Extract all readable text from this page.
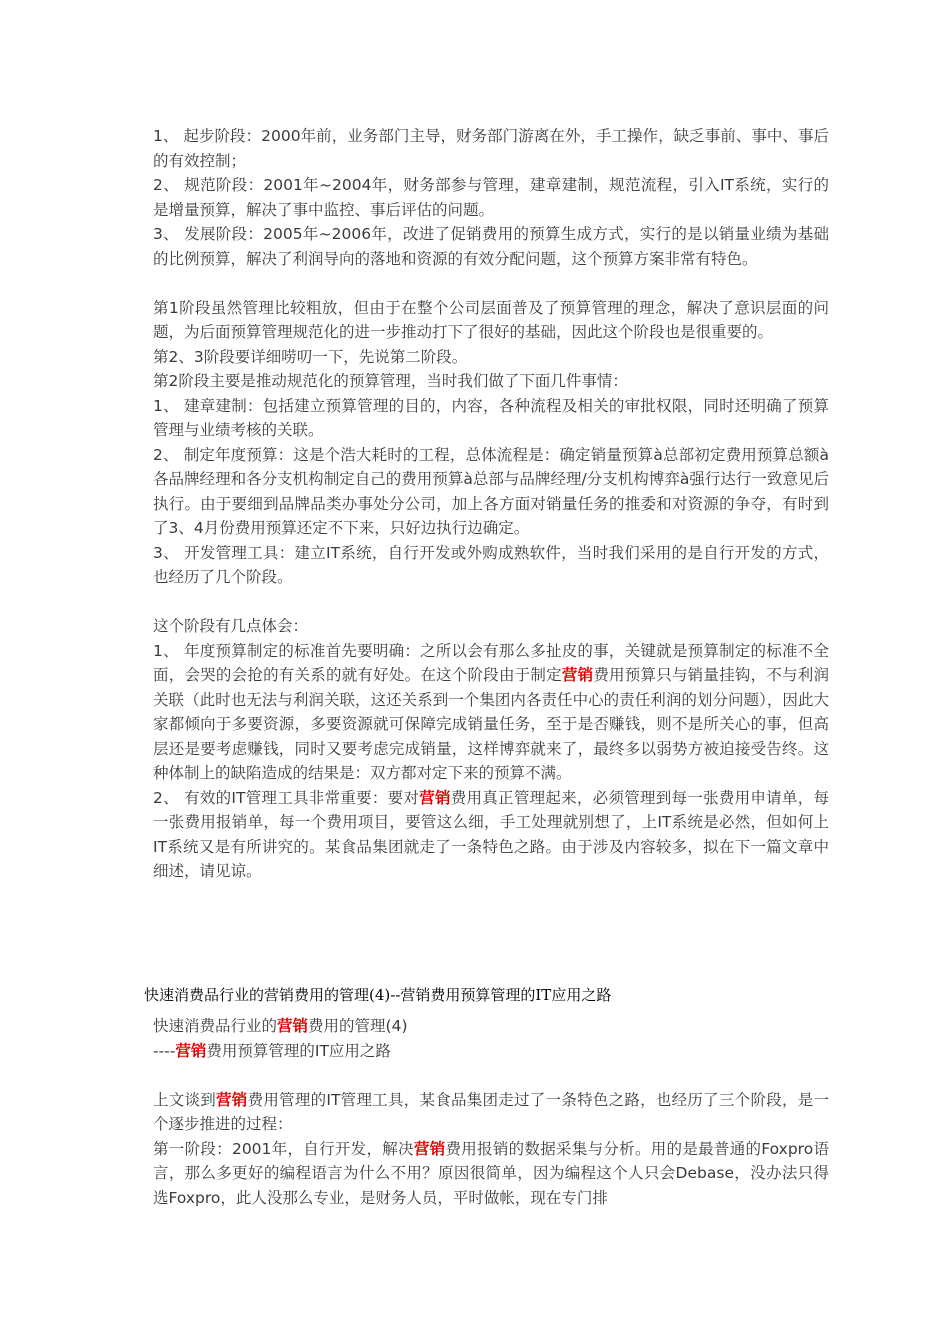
1、 起步阶段：2000年前，业务部门主导，财务部门游离在外，手工操作，缺乏事前、事中、事后的有效控制；

2、 规范阶段：2001年~2004年，财务部参与管理，建章建制，规范流程，引入IT系统，实行的是增量预算，解决了事中监控、事后评估的问题。

3、 发展阶段：2005年~2006年，改进了促销费用的预算生成方式，实行的是以销量业绩为基础的比例预算，解决了利润导向的落地和资源的有效分配问题，这个预算方案非常有特色。

第1阶段虽然管理比较粗放，但由于在整个公司层面普及了预算管理的理念，解决了意识层面的问题，为后面预算管理规范化的进一步推动打下了很好的基础，因此这个阶段也是很重要的。

第2、3阶段要详细唠叨一下，先说第二阶段。

第2阶段主要是推动规范化的预算管理，当时我们做了下面几件事情：

1、 建章建制：包括建立预算管理的目的，内容，各种流程及相关的审批权限，同时还明确了预算管理与业绩考核的关联。

2、 制定年度预算：这是个浩大耗时的工程，总体流程是：确定销量预算à总部初定费用预算总额à各品牌经理和各分支机构制定自己的费用预算à总部与品牌经理/分支机构博弈à强行达行一致意见后执行。由于要细到品牌品类办事处分公司，加上各方面对销量任务的推委和对资源的争夺，有时到了3、4月份费用预算还定不下来，只好边执行边确定。

3、 开发管理工具：建立IT系统，自行开发或外购成熟软件，当时我们采用的是自行开发的方式，也经历了几个阶段。

这个阶段有几点体会：

1、 年度预算制定的标准首先要明确：之所以会有那么多扯皮的事，关键就是预算制定的标准不全面，会哭的会抢的有关系的就有好处。在这个阶段由于制定营销费用预算只与销量挂钩，不与利润关联（此时也无法与利润关联，这还关系到一个集团内各责任中心的责任利润的划分问题），因此大家都倾向于多要资源，多要资源就可保障完成销量任务，至于是否赚钱，则不是所关心的事，但高层还是要考虑赚钱，同时又要考虑完成销量，这样博弈就来了，最终多以弱势方被迫接受告终。这种体制上的缺陷造成的结果是：双方都对定下来的预算不满。

2、 有效的IT管理工具非常重要：要对营销费用真正管理起来，必须管理到每一张费用申请单，每一张费用报销单，每一个费用项目，要管这么细，手工处理就别想了，上IT系统是必然，但如何上IT系统又是有所讲究的。某食品集团就走了一条特色之路。由于涉及内容较多，拟在下一篇文章中细述，请见谅。

快速消费品行业的营销费用的管理(4)--营销费用预算管理的IT应用之路

快速消费品行业的营销费用的管理(4)

----营销费用预算管理的IT应用之路

上文谈到营销费用管理的IT管理工具，某食品集团走过了一条特色之路，也经历了三个阶段，是一个逐步推进的过程：

第一阶段：2001年，自行开发，解决营销费用报销的数据采集与分析。用的是最普通的Foxpro语言，那么多更好的编程语言为什么不用？原因很简单，因为编程这个人只会Debase，没办法只得选Foxpro，此人没那么专业，是财务人员，平时做帐，现在专门排
